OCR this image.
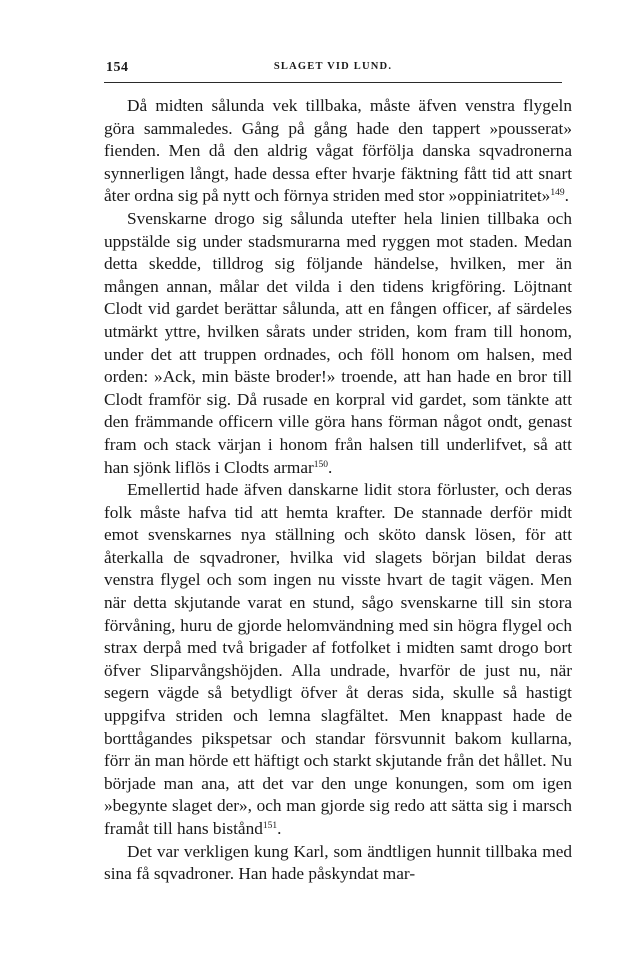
154	SLAGET VID LUND.

Då midten sålunda vek tillbaka, måste äfven venstra flygeln göra sammaledes. Gång på gång hade den tappert »pousserat» fienden. Men då den aldrig vågat förfölja danska sqvadronerna synnerligen långt, hade dessa efter hvarje fäktning fått tid att snart åter ordna sig på nytt och förnya striden med stor »oppiniatritet»$^{149}$.

Svenskarne drogo sig sålunda utefter hela linien tillbaka och uppstälde sig under stadsmurarna med ryggen mot staden. Medan detta skedde, tilldrog sig följande händelse, hvilken, mer än mången annan, målar det vilda i den tidens krigföring. Löjtnant Clodt vid gardet berättar sålunda, att en fången officer, af särdeles utmärkt yttre, hvilken sårats under striden, kom fram till honom, under det att truppen ordnades, och föll honom om halsen, med orden: »Ack, min bäste broder!» troende, att han hade en bror till Clodt framför sig. Då rusade en korpral vid gardet, som tänkte att den främmande officern ville göra hans förman något ondt, genast fram och stack värjan i honom från halsen till underlifvet, så att han sjönk liflös i Clodts armar$^{150}$.

Emellertid hade äfven danskarne lidit stora förluster, och deras folk måste hafva tid att hemta krafter. De stannade derför midt emot svenskarnes nya ställning och sköto dansk lösen, för att återkalla de sqvadroner, hvilka vid slagets början bildat deras venstra flygel och som ingen nu visste hvart de tagit vägen. Men när detta skjutande varat en stund, sågo svenskarne till sin stora förvåning, huru de gjorde helomvändning med sin högra flygel och strax derpå med två brigader af fotfolket i midten samt drogo bort öfver Sliparvångshöjden. Alla undrade, hvarför de just nu, när segern vägde så betydligt öfver åt deras sida, skulle så hastigt uppgifva striden och lemna slagfältet. Men knappast hade de borttågandes pikspetsar och standar försvunnit bakom kullarna, förr än man hörde ett häftigt och starkt skjutande från det hållet. Nu började man ana, att det var den unge konungen, som om igen »begynte slaget der», och man gjorde sig redo att sätta sig i marsch framåt till hans bistånd$^{151}$.

Det var verkligen kung Karl, som ändtligen hunnit tillbaka med sina få sqvadroner. Han hade påskyndat mar-
